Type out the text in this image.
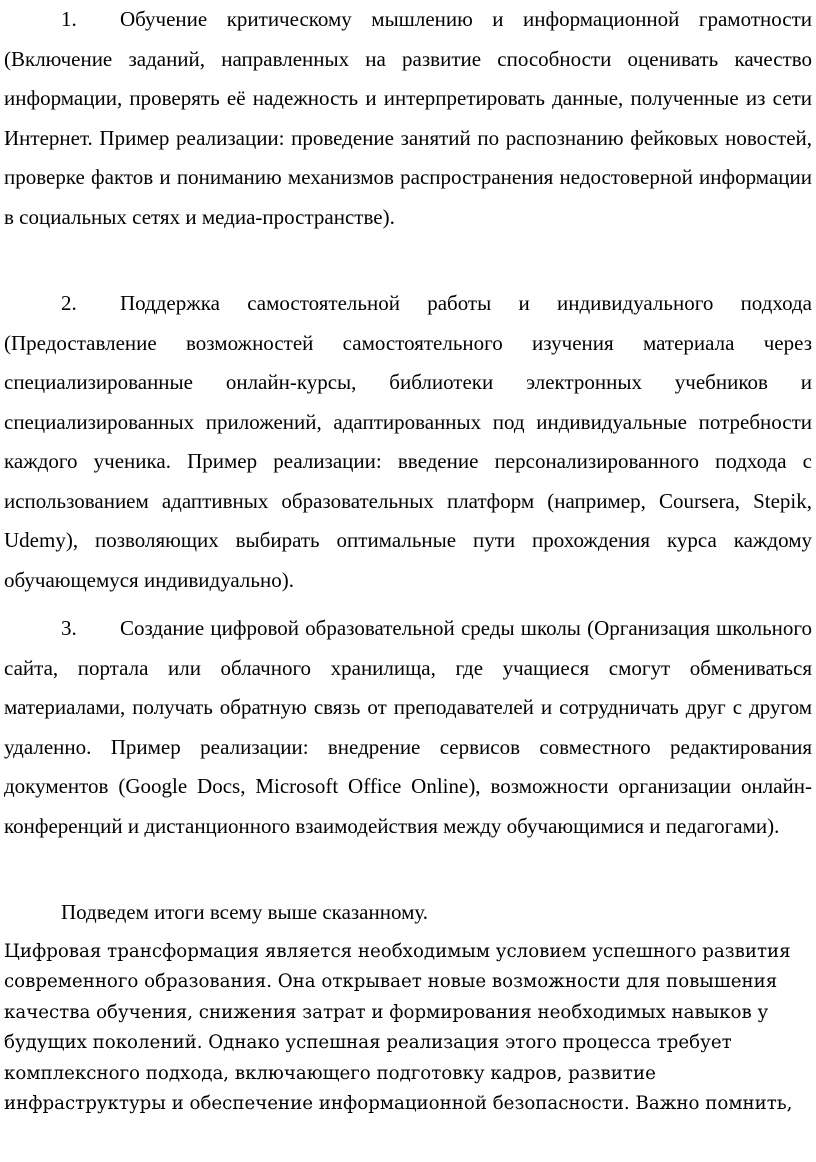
1. Обучение критическому мышлению и информационной грамотности (Включение заданий, направленных на развитие способности оценивать качество информации, проверять её надежность и интерпретировать данные, полученные из сети Интернет. Пример реализации: проведение занятий по распознанию фейковых новостей, проверке фактов и пониманию механизмов распространения недостоверной информации в социальных сетях и медиа-пространстве).

2. Поддержка самостоятельной работы и индивидуального подхода (Предоставление возможностей самостоятельного изучения материала через специализированные онлайн-курсы, библиотеки электронных учебников и специализированных приложений, адаптированных под индивидуальные потребности каждого ученика. Пример реализации: введение персонализированного подхода с использованием адаптивных образовательных платформ (например, Coursera, Stepik, Udemy), позволяющих выбирать оптимальные пути прохождения курса каждому обучающемуся индивидуально).

3. Создание цифровой образовательной среды школы (Организация школьного сайта, портала или облачного хранилища, где учащиеся смогут обмениваться материалами, получать обратную связь от преподавателей и сотрудничать друг с другом удаленно. Пример реализации: внедрение сервисов совместного редактирования документов (Google Docs, Microsoft Office Online), возможности организации онлайн-конференций и дистанционного взаимодействия между обучающимися и педагогами).

Подведем итоги всему выше сказанному.

Цифровая трансформация является необходимым условием успешного развития современного образования. Она открывает новые возможности для повышения качества обучения, снижения затрат и формирования необходимых навыков у будущих поколений. Однако успешная реализация этого процесса требует комплексного подхода, включающего подготовку кадров, развитие инфраструктуры и обеспечение информационной безопасности. Важно помнить,
